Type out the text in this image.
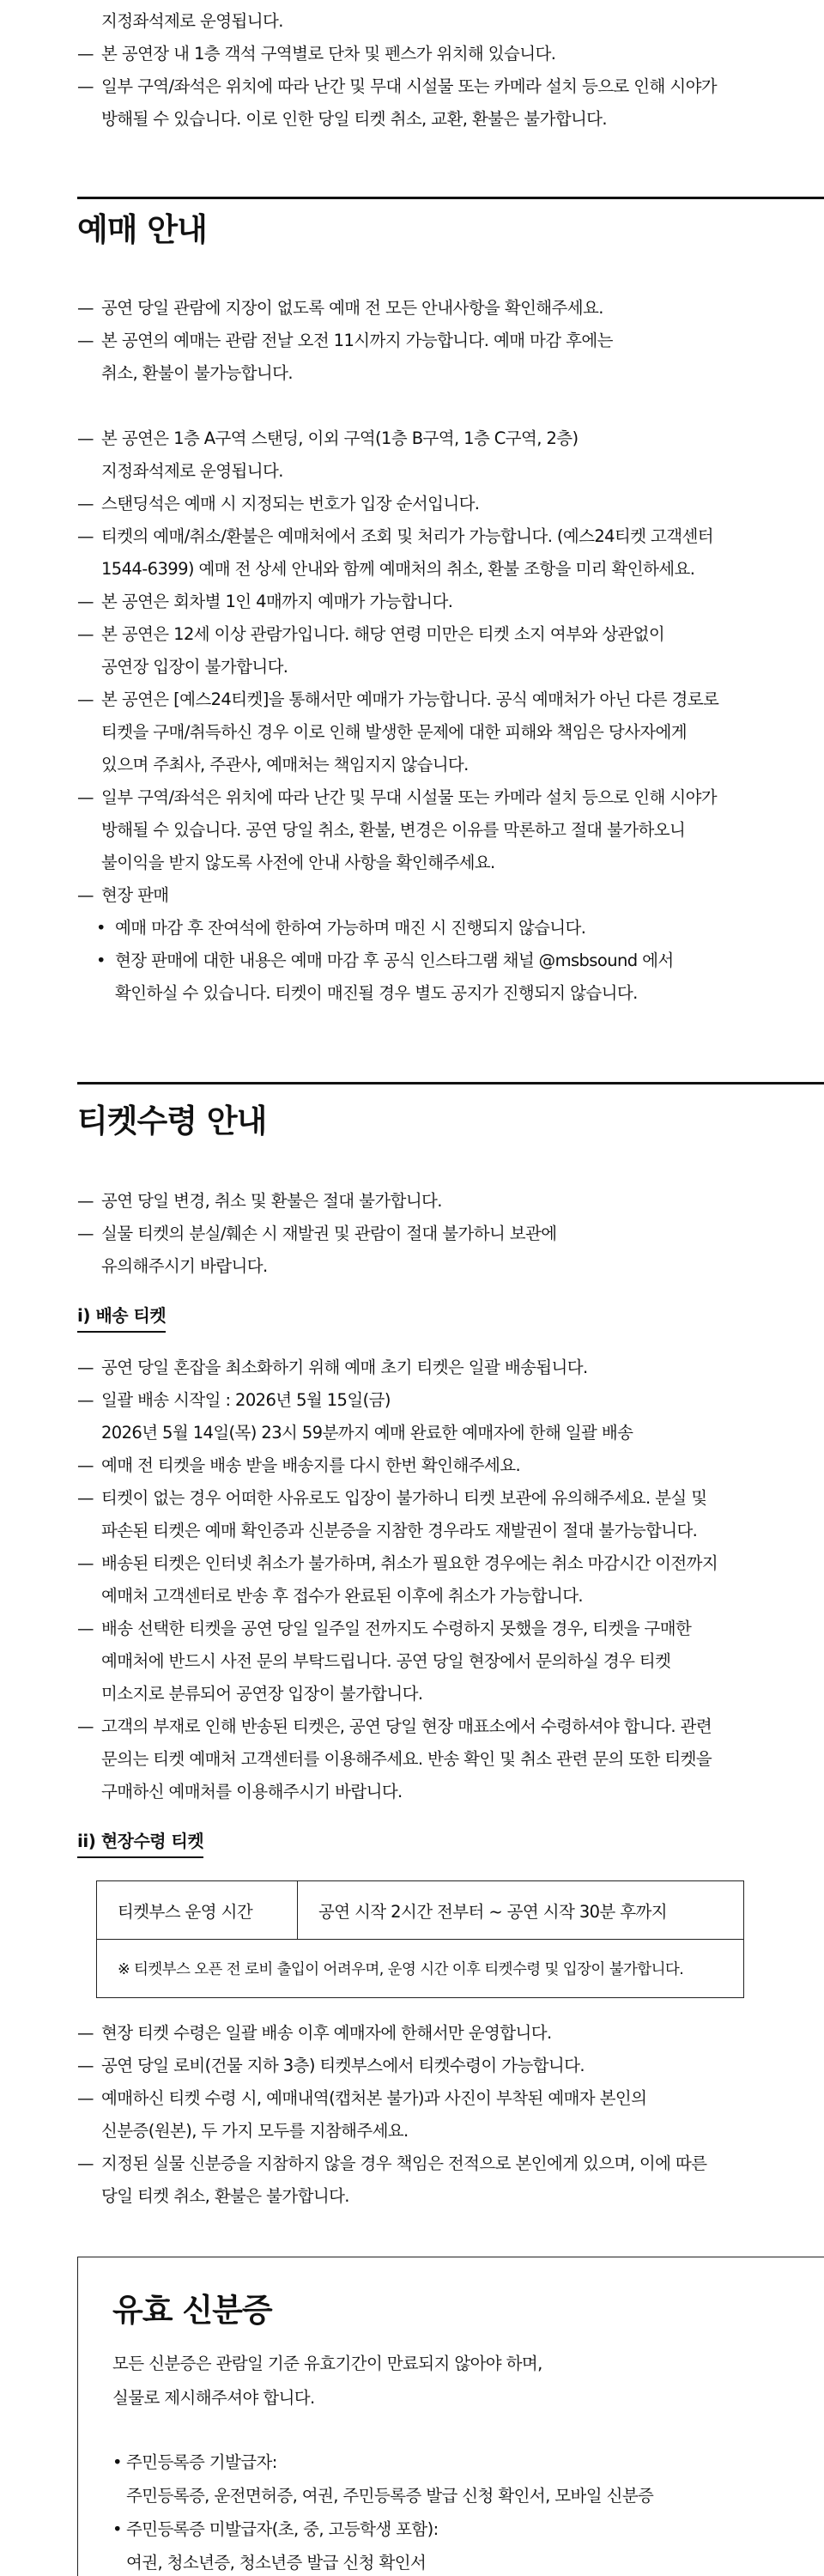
지정좌석제로 운영됩니다.
— 본 공연장 내 1층 객석 구역별로 단차 및 펜스가 위치해 있습니다.
— 일부 구역/좌석은 위치에 따라 난간 및 무대 시설물 또는 카메라 설치 등으로 인해 시야가
방해될 수 있습니다. 이로 인한 당일 티켓 취소, 교환, 환불은 불가합니다.
예매 안내
— 공연 당일 관람에 지장이 없도록 예매 전 모든 안내사항을 확인해주세요.
— 본 공연의 예매는 관람 전날 오전 11시까지 가능합니다. 예매 마감 후에는
취소, 환불이 불가능합니다.
— 본 공연은 1층 A구역 스탠딩, 이외 구역(1층 B구역, 1층 C구역, 2층)
지정좌석제로 운영됩니다.
— 스탠딩석은 예매 시 지정되는 번호가 입장 순서입니다.
— 티켓의 예매/취소/환불은 예매처에서 조회 및 처리가 가능합니다. (예스24티켓 고객센터
1544-6399) 예매 전 상세 안내와 함께 예매처의 취소, 환불 조항을 미리 확인하세요.
— 본 공연은 회차별 1인 4매까지 예매가 가능합니다.
— 본 공연은 12세 이상 관람가입니다. 해당 연령 미만은 티켓 소지 여부와 상관없이
공연장 입장이 불가합니다.
— 본 공연은 [예스24티켓]을 통해서만 예매가 가능합니다. 공식 예매처가 아닌 다른 경로로
티켓을 구매/취득하신 경우 이로 인해 발생한 문제에 대한 피해와 책임은 당사자에게
있으며 주최사, 주관사, 예매처는 책임지지 않습니다.
— 일부 구역/좌석은 위치에 따라 난간 및 무대 시설물 또는 카메라 설치 등으로 인해 시야가
방해될 수 있습니다. 공연 당일 취소, 환불, 변경은 이유를 막론하고 절대 불가하오니
불이익을 받지 않도록 사전에 안내 사항을 확인해주세요.
— 현장 판매
• 예매 마감 후 잔여석에 한하여 가능하며 매진 시 진행되지 않습니다.
• 현장 판매에 대한 내용은 예매 마감 후 공식 인스타그램 채널 @msbsound 에서
확인하실 수 있습니다. 티켓이 매진될 경우 별도 공지가 진행되지 않습니다.
티켓수령 안내
— 공연 당일 변경, 취소 및 환불은 절대 불가합니다.
— 실물 티켓의 분실/훼손 시 재발권 및 관람이 절대 불가하니 보관에
유의해주시기 바랍니다.
i) 배송 티켓
— 공연 당일 혼잡을 최소화하기 위해 예매 초기 티켓은 일괄 배송됩니다.
— 일괄 배송 시작일 : 2026년 5월 15일(금)
2026년 5월 14일(목) 23시 59분까지 예매 완료한 예매자에 한해 일괄 배송
— 예매 전 티켓을 배송 받을 배송지를 다시 한번 확인해주세요.
— 티켓이 없는 경우 어떠한 사유로도 입장이 불가하니 티켓 보관에 유의해주세요. 분실 및
파손된 티켓은 예매 확인증과 신분증을 지참한 경우라도 재발권이 절대 불가능합니다.
— 배송된 티켓은 인터넷 취소가 불가하며, 취소가 필요한 경우에는 취소 마감시간 이전까지
예매처 고객센터로 반송 후 접수가 완료된 이후에 취소가 가능합니다.
— 배송 선택한 티켓을 공연 당일 일주일 전까지도 수령하지 못했을 경우, 티켓을 구매한
예매처에 반드시 사전 문의 부탁드립니다. 공연 당일 현장에서 문의하실 경우 티켓
미소지로 분류되어 공연장 입장이 불가합니다.
— 고객의 부재로 인해 반송된 티켓은, 공연 당일 현장 매표소에서 수령하셔야 합니다. 관련
문의는 티켓 예매처 고객센터를 이용해주세요. 반송 확인 및 취소 관련 문의 또한 티켓을
구매하신 예매처를 이용해주시기 바랍니다.
ii) 현장수령 티켓
티켓부스 운영 시간	공연 시작 2시간 전부터 ~ 공연 시작 30분 후까지
※ 티켓부스 오픈 전 로비 출입이 어려우며, 운영 시간 이후 티켓수령 및 입장이 불가합니다.
— 현장 티켓 수령은 일괄 배송 이후 예매자에 한해서만 운영합니다.
— 공연 당일 로비(건물 지하 3층) 티켓부스에서 티켓수령이 가능합니다.
— 예매하신 티켓 수령 시, 예매내역(캡처본 불가)과 사진이 부착된 예매자 본인의
신분증(원본), 두 가지 모두를 지참해주세요.
— 지정된 실물 신분증을 지참하지 않을 경우 책임은 전적으로 본인에게 있으며, 이에 따른
당일 티켓 취소, 환불은 불가합니다.
유효 신분증
모든 신분증은 관람일 기준 유효기간이 만료되지 않아야 하며,
실물로 제시해주셔야 합니다.
• 주민등록증 기발급자:
주민등록증, 운전면허증, 여권, 주민등록증 발급 신청 확인서, 모바일 신분증
• 주민등록증 미발급자(초, 중, 고등학생 포함):
여권, 청소년증, 청소년증 발급 신청 확인서
